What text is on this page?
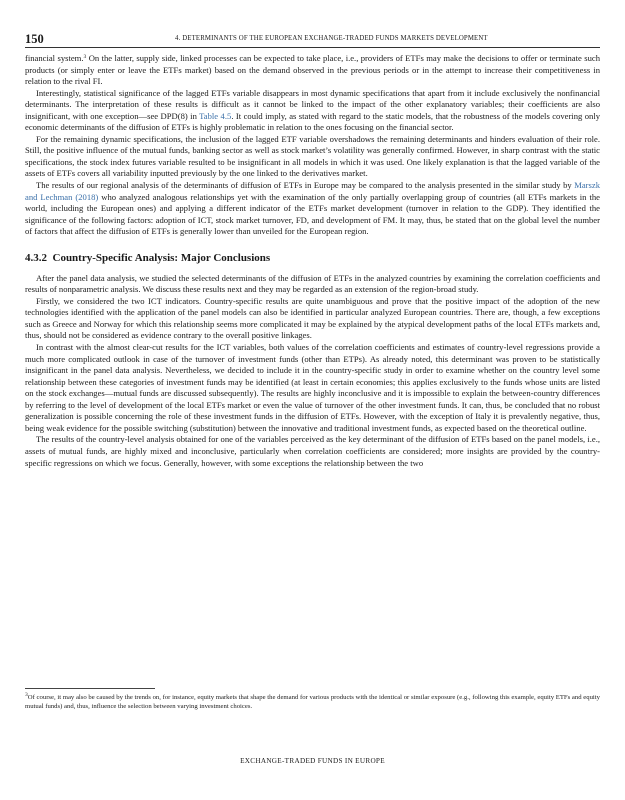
150	4. DETERMINANTS OF THE EUROPEAN EXCHANGE-TRADED FUNDS MARKETS DEVELOPMENT

financial system.$^3$ On the latter, supply side, linked processes can be expected to take place, i.e., providers of ETFs may make the decisions to offer or terminate such products (or simply enter or leave the ETFs market) based on the demand observed in the previous periods or in the attempt to increase their competitiveness in relation to the rival FI.

Interestingly, statistical significance of the lagged ETFs variable disappears in most dynamic specifications that apart from it include exclusively the nonfinancial determinants. The interpretation of these results is difficult as it cannot be linked to the impact of the other explanatory variables; their coefficients are also insignificant, with one exception—see DPD(8) in Table 4.5. It could imply, as stated with regard to the static models, that the robustness of the models covering only economic determinants of the diffusion of ETFs is highly problematic in relation to the ones focusing on the financial sector.

For the remaining dynamic specifications, the inclusion of the lagged ETF variable overshadows the remaining determinants and hinders evaluation of their role. Still, the positive influence of the mutual funds, banking sector as well as stock market’s volatility was generally confirmed. However, in sharp contrast with the static specifications, the stock index futures variable resulted to be insignificant in all models in which it was used. One likely explanation is that the lagged variable of the assets of ETFs covers all variability inputted previously by the one linked to the derivatives market.

The results of our regional analysis of the determinants of diffusion of ETFs in Europe may be compared to the analysis presented in the similar study by Marszk and Lechman (2018) who analyzed analogous relationships yet with the examination of the only partially overlapping group of countries (all ETFs markets in the world, including the European ones) and applying a different indicator of the ETFs market development (turnover in relation to the GDP). They identified the significance of the following factors: adoption of ICT, stock market turnover, FD, and development of FM. It may, thus, be stated that on the global level the number of factors that affect the diffusion of ETFs is generally lower than unveiled for the European region.

4.3.2 Country-Specific Analysis: Major Conclusions

After the panel data analysis, we studied the selected determinants of the diffusion of ETFs in the analyzed countries by examining the correlation coefficients and results of nonparametric analysis. We discuss these results next and they may be regarded as an extension of the region-broad study.

Firstly, we considered the two ICT indicators. Country-specific results are quite unambiguous and prove that the positive impact of the adoption of the new technologies identified with the application of the panel models can also be identified in particular analyzed European countries. There are, though, a few exceptions such as Greece and Norway for which this relationship seems more complicated it may be explained by the atypical development paths of the local ETFs markets and, thus, should not be considered as evidence contrary to the overall positive linkages.

In contrast with the almost clear-cut results for the ICT variables, both values of the correlation coefficients and estimates of country-level regressions provide a much more complicated outlook in case of the turnover of investment funds (other than ETPs). As already noted, this determinant was proven to be statistically insignificant in the panel data analysis. Nevertheless, we decided to include it in the country-specific study in order to examine whether on the country level some relationship between these categories of investment funds may be identified (at least in certain economies; this applies exclusively to the funds whose units are listed on the stock exchanges—mutual funds are discussed subsequently). The results are highly inconclusive and it is impossible to explain the between-country differences by referring to the level of development of the local ETFs market or even the value of turnover of the other investment funds. It can, thus, be concluded that no robust generalization is possible concerning the role of these investment funds in the diffusion of ETFs. However, with the exception of Italy it is prevalently negative, thus, being weak evidence for the possible switching (substitution) between the innovative and traditional investment funds, as expected based on the theoretical outline.

The results of the country-level analysis obtained for one of the variables perceived as the key determinant of the diffusion of ETFs based on the panel models, i.e., assets of mutual funds, are highly mixed and inconclusive, particularly when correlation coefficients are considered; more insights are provided by the country-specific regressions on which we focus. Generally, however, with some exceptions the relationship between the two

$^3$Of course, it may also be caused by the trends on, for instance, equity markets that shape the demand for various products with the identical or similar exposure (e.g., following this example, equity ETFs and equity mutual funds) and, thus, influence the selection between varying investment choices.
EXCHANGE-TRADED FUNDS IN EUROPE
